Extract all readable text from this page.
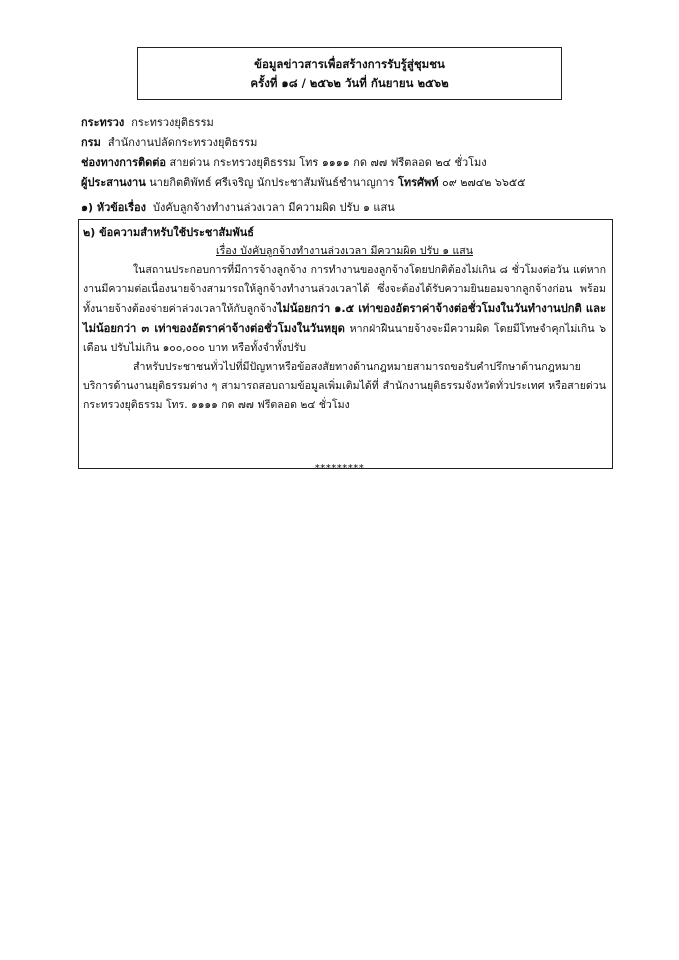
ข้อมูลข่าวสารเพื่อสร้างการรับรู้สู่ชุมชน
ครั้งที่ ๑๘ / ๒๕๖๒ วันที่ กันยายน ๒๕๖๒
กระทรวง กระทรวงยุติธรรม
กรม สำนักงานปลัดกระทรวงยุติธรรม
ช่องทางการติดต่อ สายด่วน กระทรวงยุติธรรม โทร ๑๑๑๑ กด ๗๗ ฟรีตลอด ๒๔ ชั่วโมง
ผู้ประสานงาน นายกิตติพัทธ์ ศรีเจริญ นักประชาสัมพันธ์ชำนาญการ โทรศัพท์ ๐๙ ๒๗๔๒ ๖๖๕๕
๑) หัวข้อเรื่อง บังคับลูกจ้างทำงานล่วงเวลา มีความผิด ปรับ ๑ แสน
๒) ข้อความสำหรับใช้ประชาสัมพันธ์
เรื่อง บังคับลูกจ้างทำงานล่วงเวลา มีความผิด ปรับ ๑ แสน

ในสถานประกอบการที่มีการจ้างลูกจ้าง การทำงานของลูกจ้างโดยปกติต้องไม่เกิน ๘ ชั่วโมงต่อวัน แต่หากงานมีความต่อเนื่องนายจ้างสามารถให้ลูกจ้างทำงานล่วงเวลาได้ ซึ่งจะต้องได้รับความยินยอมจากลูกจ้างก่อน พร้อมทั้งนายจ้างต้องจ่ายค่าล่วงเวลาให้กับลูกจ้างไม่น้อยกว่า ๑.๕ เท่าของอัตราค่าจ้างต่อชั่วโมงในวันทำงานปกติ และไม่น้อยกว่า ๓ เท่าของอัตราค่าจ้างต่อชั่วโมงในวันหยุด หากฝ่าฝืนนายจ้างจะมีความผิด โดยมีโทษจำคุกไม่เกิน ๖ เดือน ปรับไม่เกิน ๑๐๐,๐๐๐ บาท หรือทั้งจำทั้งปรับ

สำหรับประชาชนทั่วไปที่มีปัญหาหรือข้อสงสัยทางด้านกฎหมายสามารถขอรับคำปรึกษาด้านกฎหมาย บริการด้านงานยุติธรรมต่าง ๆ สามารถสอบถามข้อมูลเพิ่มเติมได้ที่ สำนักงานยุติธรรมจังหวัดทั่วประเทศ หรือสายด่วน กระทรวงยุติธรรม โทร. ๑๑๑๑ กด ๗๗ ฟรีตลอด ๒๔ ชั่วโมง

*********
